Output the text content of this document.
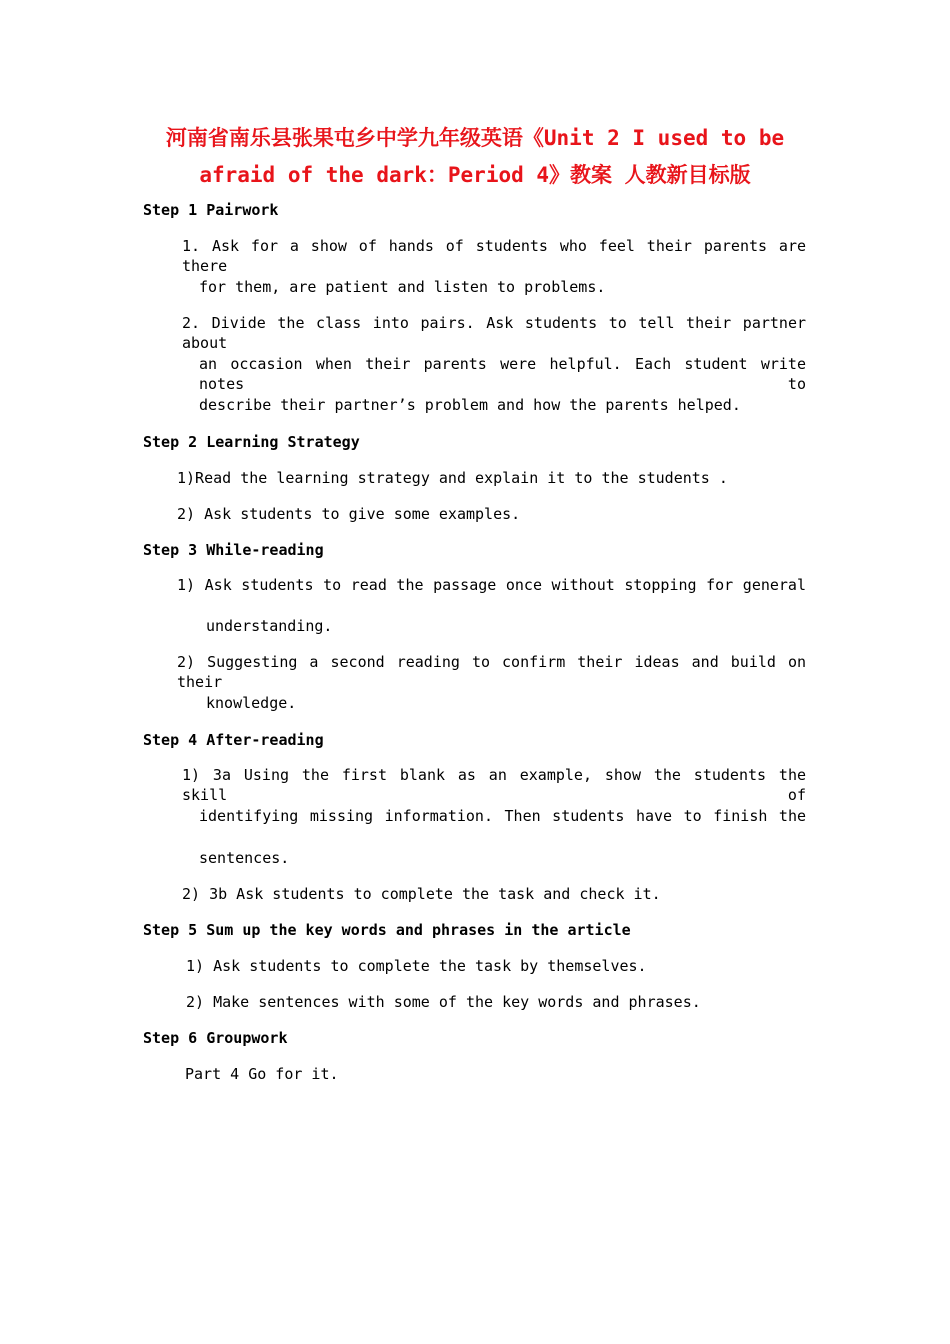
河南省南乐县张果屯乡中学九年级英语《Unit 2 I used to be
afraid of the dark：Period 4》教案 人教新目标版
Step 1 Pairwork
1. Ask for a show of hands of students who feel their parents are there
for them, are patient and listen to problems.
2. Divide the class into pairs. Ask students to tell their partner about
an occasion when their parents were helpful. Each student write notes to
describe their partner’s problem and how the parents helped.
Step 2 Learning Strategy
1)Read the learning strategy and explain it to the students .
2) Ask students to give some examples.
Step 3 While-reading
1) Ask students to read the passage once without stopping for general
understanding.
2) Suggesting a second reading to confirm their ideas and build on their
knowledge.
Step 4 After-reading
1) 3a Using the first blank as an example, show the students the skill of
identifying missing information. Then students have to finish the
sentences.
2) 3b Ask students to complete the task and check it.
Step 5 Sum up the key words and phrases in the article
1) Ask students to complete the task by themselves.
2) Make sentences with some of the key words and phrases.
Step 6 Groupwork
Part 4 Go for it.
